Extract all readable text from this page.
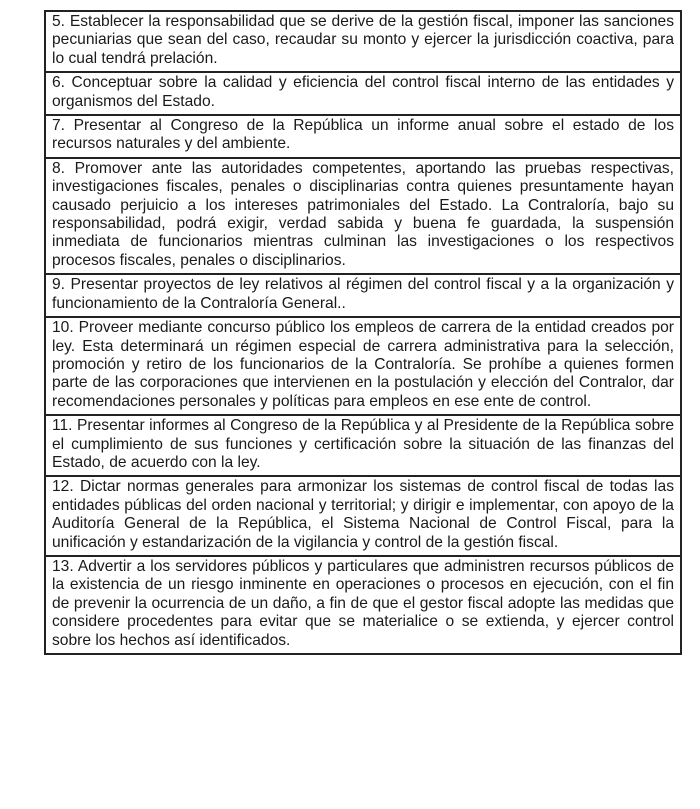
5. Establecer la responsabilidad que se derive de la gestión fiscal, imponer las sanciones pecuniarias que sean del caso, recaudar su monto y ejercer la jurisdicción coactiva, para lo cual tendrá prelación.
6. Conceptuar sobre la calidad y eficiencia del control fiscal interno de las entidades y organismos del Estado.
7. Presentar al Congreso de la República un informe anual sobre el estado de los recursos naturales y del ambiente.
8. Promover ante las autoridades competentes, aportando las pruebas respectivas, investigaciones fiscales, penales o disciplinarias contra quienes presuntamente hayan causado perjuicio a los intereses patrimoniales del Estado. La Contraloría, bajo su responsabilidad, podrá exigir, verdad sabida y buena fe guardada, la suspensión inmediata de funcionarios mientras culminan las investigaciones o los respectivos procesos fiscales, penales o disciplinarios.
9. Presentar proyectos de ley relativos al régimen del control fiscal y a la organización y funcionamiento de la Contraloría General..
10. Proveer mediante concurso público los empleos de carrera de la entidad creados por ley. Esta determinará un régimen especial de carrera administrativa para la selección, promoción y retiro de los funcionarios de la Contraloría. Se prohíbe a quienes formen parte de las corporaciones que intervienen en la postulación y elección del Contralor, dar recomendaciones personales y políticas para empleos en ese ente de control.
11. Presentar informes al Congreso de la República y al Presidente de la República sobre el cumplimiento de sus funciones y certificación sobre la situación de las finanzas del Estado, de acuerdo con la ley.
12. Dictar normas generales para armonizar los sistemas de control fiscal de todas las entidades públicas del orden nacional y territorial; y dirigir e implementar, con apoyo de la Auditoría General de la República, el Sistema Nacional de Control Fiscal, para la unificación y estandarización de la vigilancia y control de la gestión fiscal.
13. Advertir a los servidores públicos y particulares que administren recursos públicos de la existencia de un riesgo inminente en operaciones o procesos en ejecución, con el fin de prevenir la ocurrencia de un daño, a fin de que el gestor fiscal adopte las medidas que considere procedentes para evitar que se materialice o se extienda, y ejercer control sobre los hechos así identificados.
